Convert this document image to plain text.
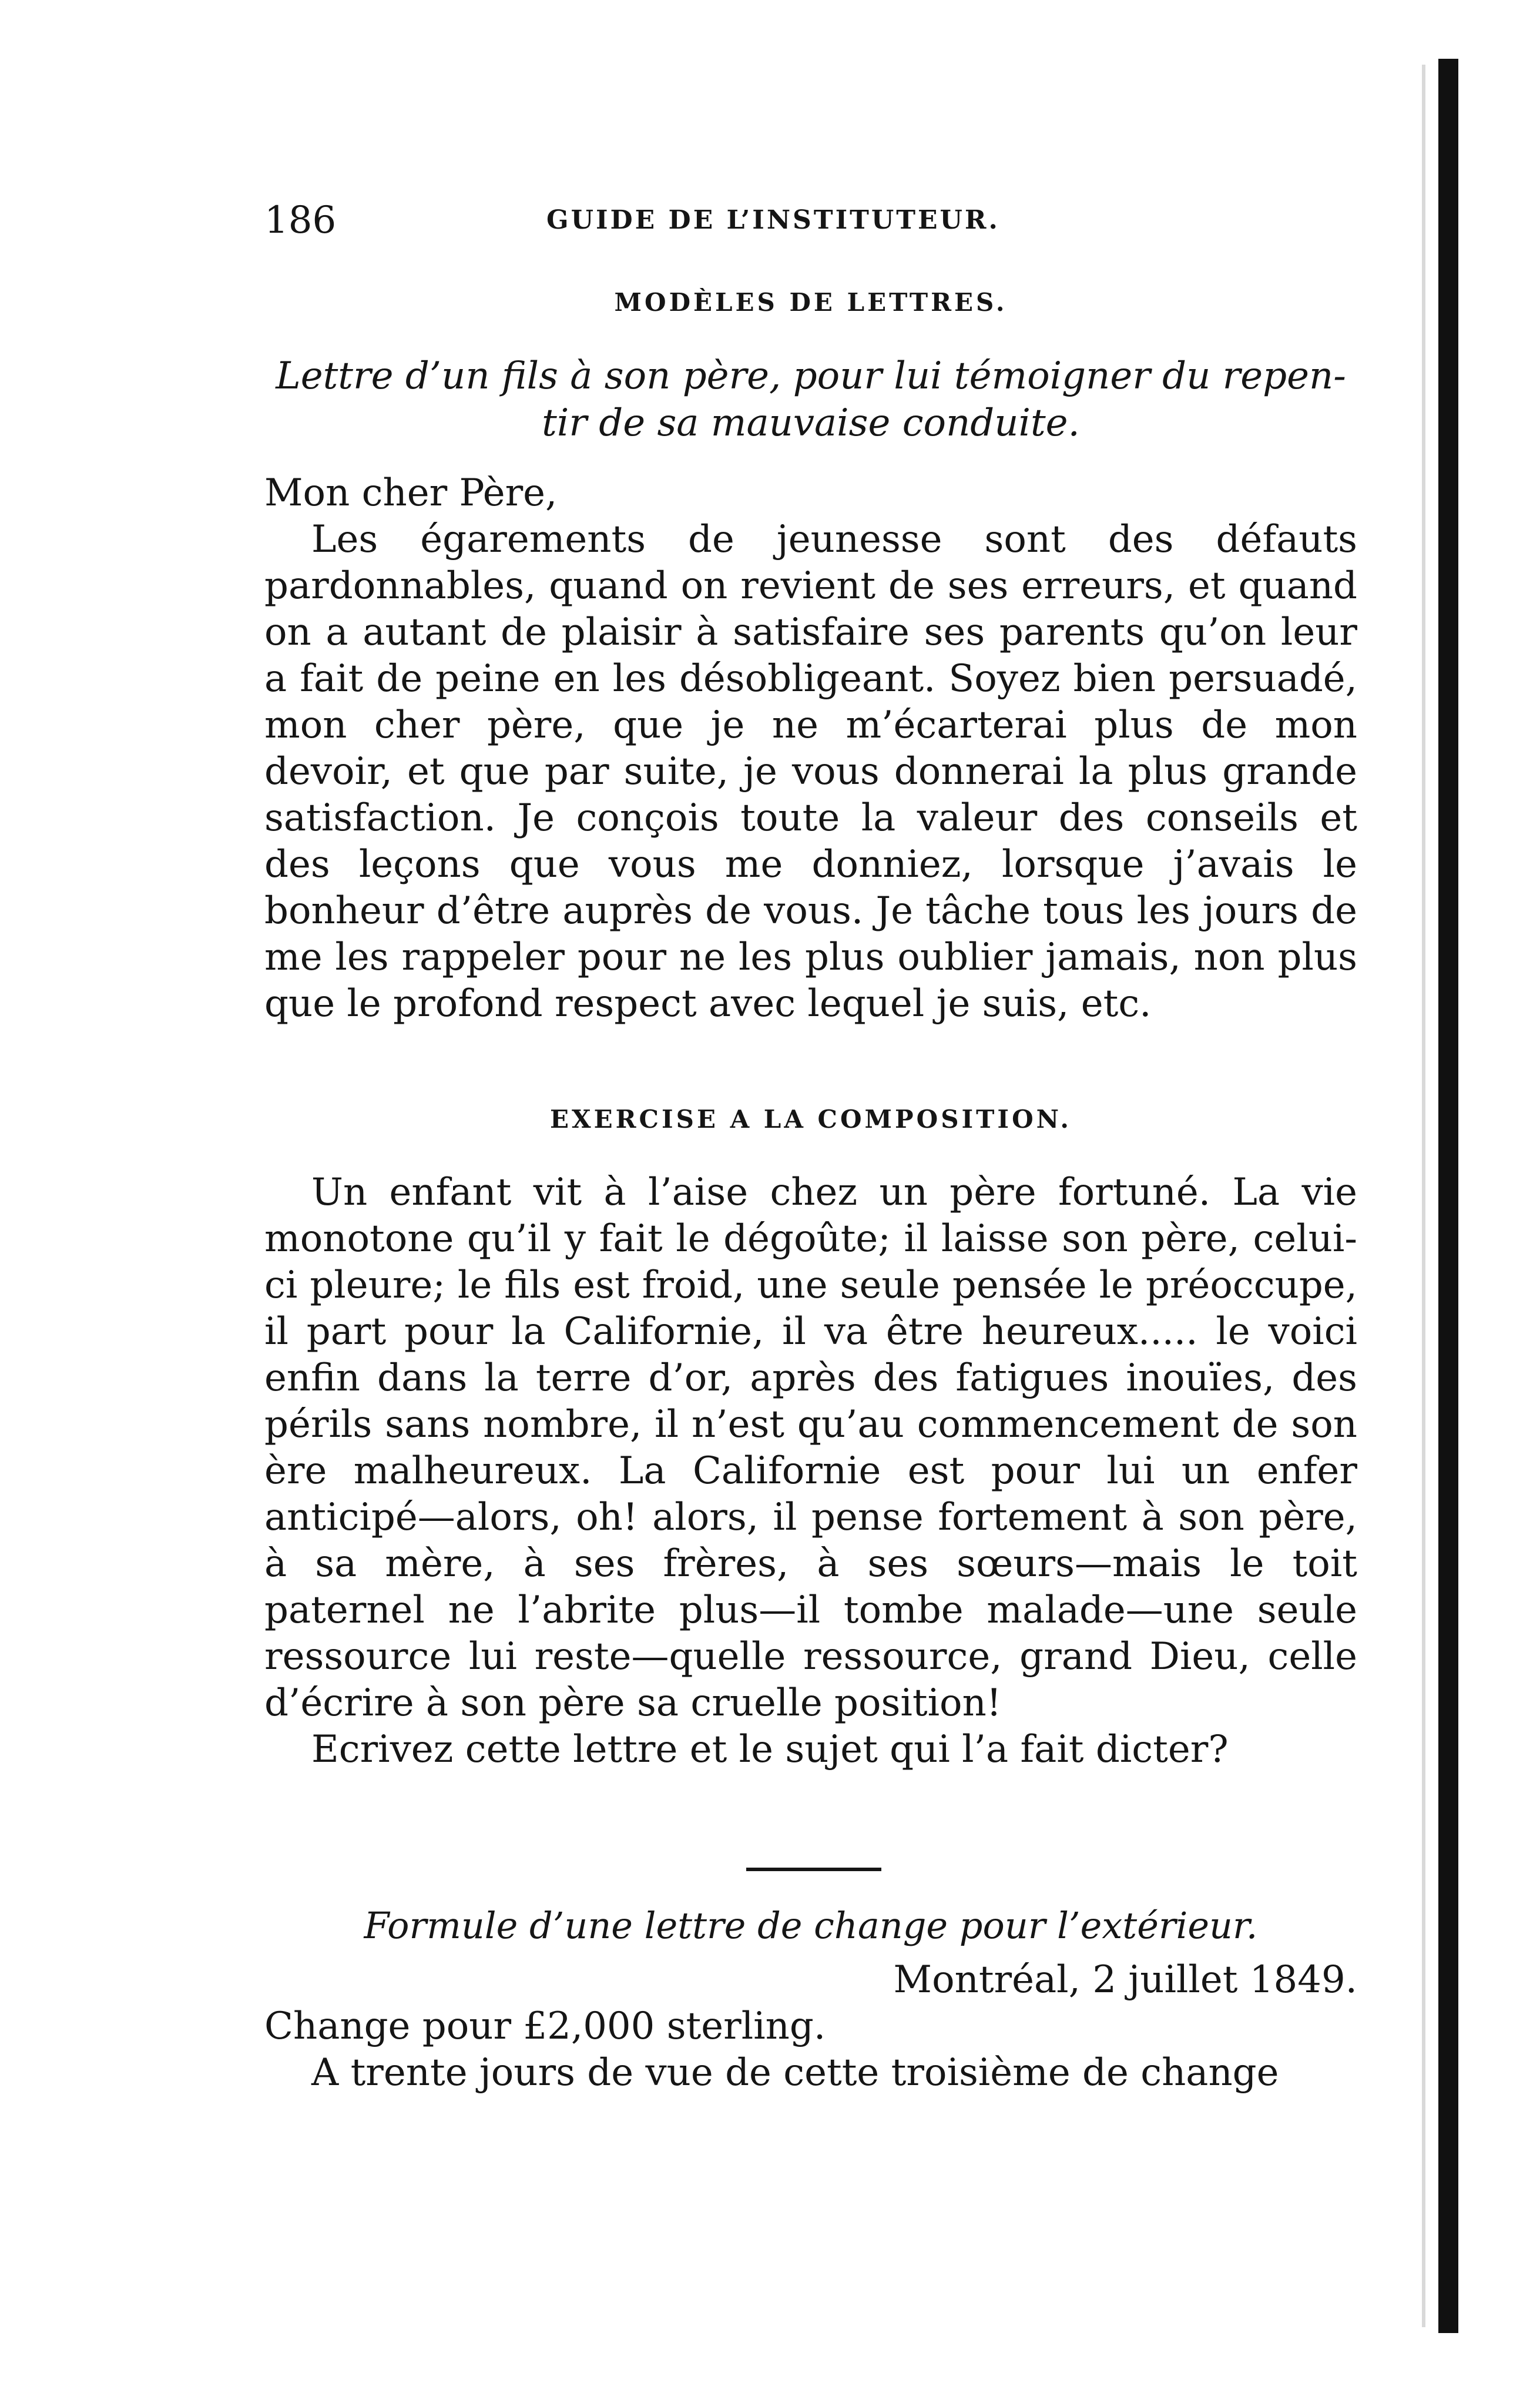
186	GUIDE DE L’INSTITUTEUR.
MODÈLES DE LETTRES.
Lettre d’un fils à son père, pour lui témoigner du repen-
tir de sa mauvaise conduite.

Mon cher Père,

Les égarements de jeunesse sont des défauts pardonnables, quand on revient de ses erreurs, et quand on a autant de plaisir à satisfaire ses parents qu’on leur a fait de peine en les désobligeant. Soyez bien persuadé, mon cher père, que je ne m’écarterai plus de mon devoir, et que par suite, je vous donnerai la plus grande satisfaction. Je conçois toute la valeur des conseils et des leçons que vous me donniez, lorsque j’avais le bonheur d’être auprès de vous. Je tâche tous les jours de me les rappeler pour ne les plus oublier jamais, non plus que le profond respect avec lequel je suis, etc.

EXERCISE A LA COMPOSITION.

Un enfant vit à l’aise chez un père fortuné. La vie monotone qu’il y fait le dégoûte; il laisse son père, celui-ci pleure; le fils est froid, une seule pensée le préoccupe, il part pour la Californie, il va être heureux..... le voici enfin dans la terre d’or, après des fatigues inouïes, des périls sans nombre, il n’est qu’au commencement de son ère malheureux. La Californie est pour lui un enfer anticipé—alors, oh! alors, il pense fortement à son père, à sa mère, à ses frères, à ses sœurs—mais le toit paternel ne l’abrite plus—il tombe malade—une seule ressource lui reste—quelle ressource, grand Dieu, celle d’écrire à son père sa cruelle position!

Ecrivez cette lettre et le sujet qui l’a fait dicter?

Formule d’une lettre de change pour l’extérieur.

Montréal, 2 juillet 1849.

Change pour £2,000 sterling.

A trente jours de vue de cette troisième de change
